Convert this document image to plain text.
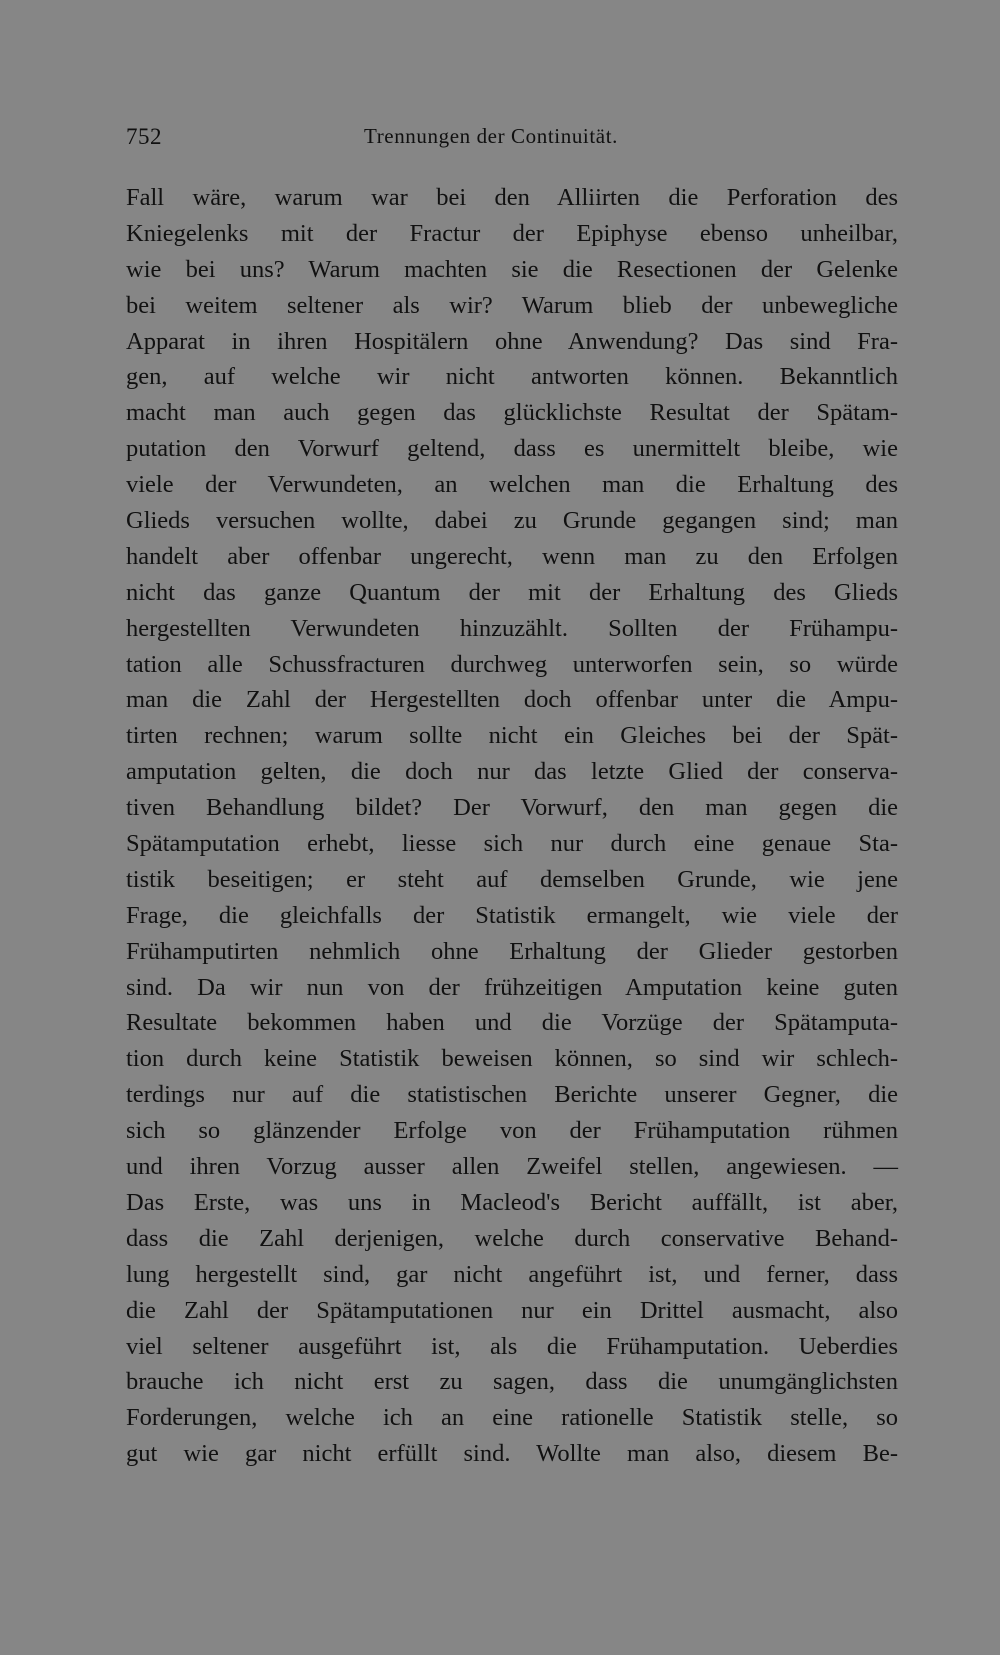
752	Trennungen der Continuität.
Fall wäre, warum war bei den Alliirten die Perforation des
Kniegelenks mit der Fractur der Epiphyse ebenso unheilbar,
wie bei uns? Warum machten sie die Resectionen der Gelenke
bei weitem seltener als wir? Warum blieb der unbewegliche
Apparat in ihren Hospitälern ohne Anwendung? Das sind Fra-
gen, auf welche wir nicht antworten können. Bekanntlich
macht man auch gegen das glücklichste Resultat der Spätam-
putation den Vorwurf geltend, dass es unermittelt bleibe, wie
viele der Verwundeten, an welchen man die Erhaltung des
Glieds versuchen wollte, dabei zu Grunde gegangen sind; man
handelt aber offenbar ungerecht, wenn man zu den Erfolgen
nicht das ganze Quantum der mit der Erhaltung des Glieds
hergestellten Verwundeten hinzuzählt. Sollten der Frühampu-
tation alle Schussfracturen durchweg unterworfen sein, so würde
man die Zahl der Hergestellten doch offenbar unter die Ampu-
tirten rechnen; warum sollte nicht ein Gleiches bei der Spät-
amputation gelten, die doch nur das letzte Glied der conserva-
tiven Behandlung bildet? Der Vorwurf, den man gegen die
Spätamputation erhebt, liesse sich nur durch eine genaue Sta-
tistik beseitigen; er steht auf demselben Grunde, wie jene
Frage, die gleichfalls der Statistik ermangelt, wie viele der
Frühamputirten nehmlich ohne Erhaltung der Glieder gestorben
sind. Da wir nun von der frühzeitigen Amputation keine guten
Resultate bekommen haben und die Vorzüge der Spätamputa-
tion durch keine Statistik beweisen können, so sind wir schlech-
terdings nur auf die statistischen Berichte unserer Gegner, die
sich so glänzender Erfolge von der Frühamputation rühmen
und ihren Vorzug ausser allen Zweifel stellen, angewiesen. —
Das Erste, was uns in Macleod's Bericht auffällt, ist aber,
dass die Zahl derjenigen, welche durch conservative Behand-
lung hergestellt sind, gar nicht angeführt ist, und ferner, dass
die Zahl der Spätamputationen nur ein Drittel ausmacht, also
viel seltener ausgeführt ist, als die Frühamputation. Ueberdies
brauche ich nicht erst zu sagen, dass die unumgänglichsten
Forderungen, welche ich an eine rationelle Statistik stelle, so
gut wie gar nicht erfüllt sind. Wollte man also, diesem Be-
